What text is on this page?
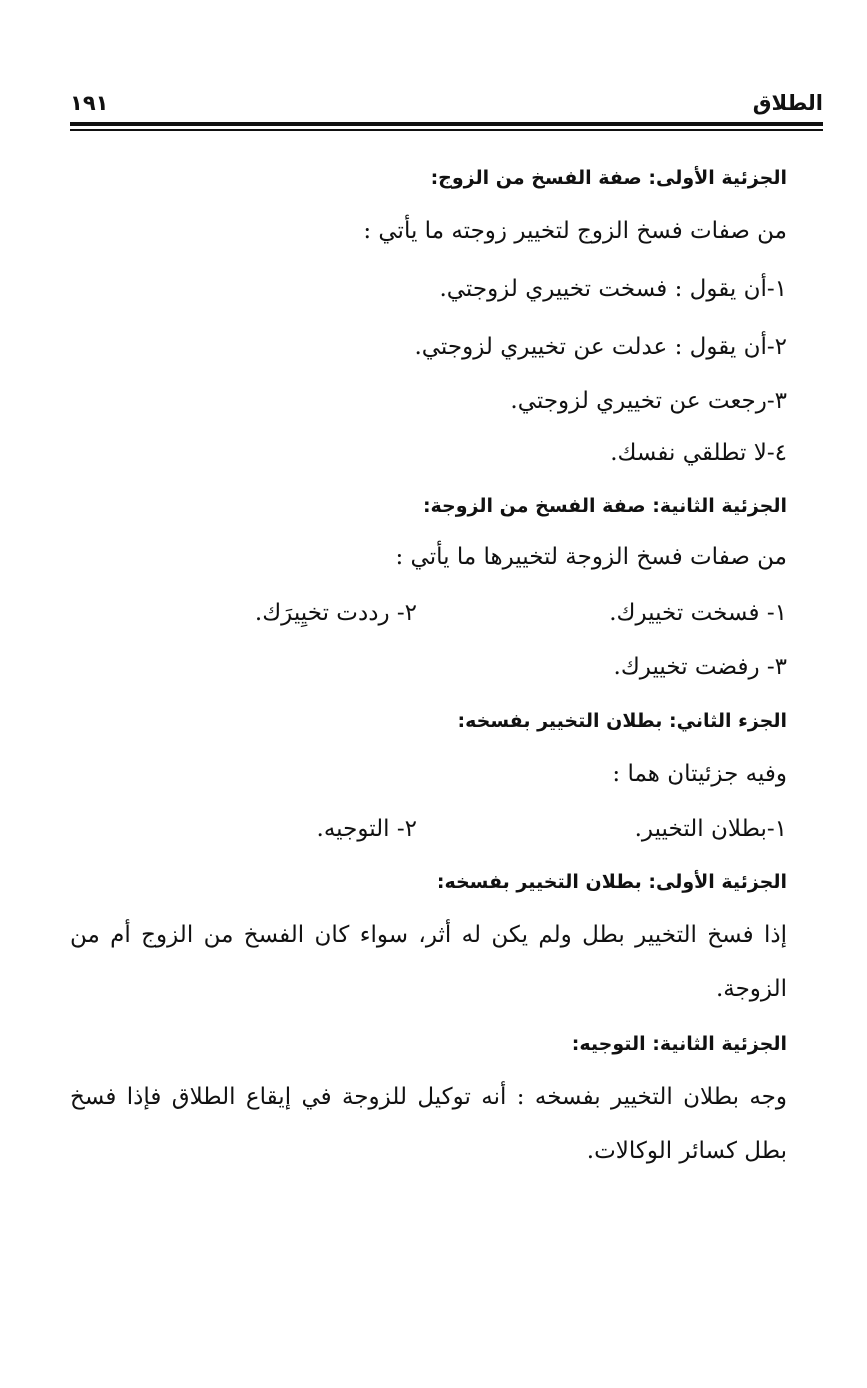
الطلاق
١٩١
الجزئية الأولى: صفة الفسخ من الزوج:
من صفات فسخ الزوج لتخيير زوجته ما يأتي :
١-أن يقول : فسخت تخييري لزوجتي.
٢-أن يقول : عدلت عن تخييري لزوجتي.
٣-رجعت عن تخييري لزوجتي.
٤-لا تطلقي نفسك.
الجزئية الثانية: صفة الفسخ من الزوجة:
من صفات فسخ الزوجة لتخييرها ما يأتي :
١- فسخت تخييرك.
٢- رددت تخيِيرَك.
٣- رفضت تخييرك.
الجزء الثاني: بطلان التخيير بفسخه:
وفيه جزئيتان هما :
١-بطلان التخيير.
٢- التوجيه.
الجزئية الأولى: بطلان التخيير بفسخه:
إذا فسخ التخيير بطل ولم يكن له أثر، سواء كان الفسخ من الزوج أم من
الزوجة.
الجزئية الثانية: التوجيه:
وجه بطلان التخيير بفسخه : أنه توكيل للزوجة في إيقاع الطلاق فإذا فسخ
بطل كسائر الوكالات.
